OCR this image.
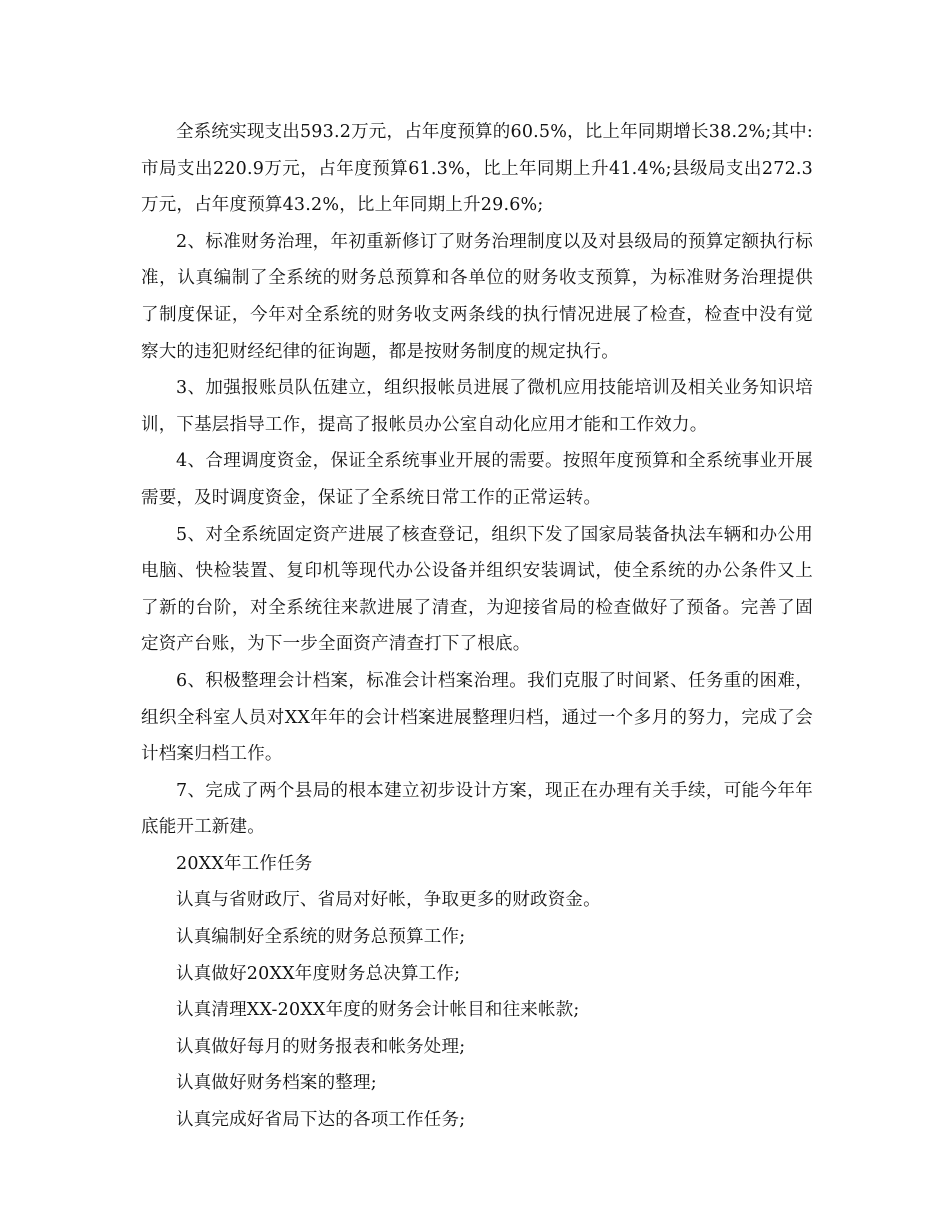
全系统实现支出593.2万元，占年度预算的60.5%，比上年同期增长38.2%;其中:市局支出220.9万元，占年度预算61.3%，比上年同期上升41.4%;县级局支出272.3万元，占年度预算43.2%，比上年同期上升29.6%;

2、标准财务治理，年初重新修订了财务治理制度以及对县级局的预算定额执行标准，认真编制了全系统的财务总预算和各单位的财务收支预算，为标准财务治理提供了制度保证，今年对全系统的财务收支两条线的执行情况进展了检查，检查中没有觉察大的违犯财经纪律的征询题，都是按财务制度的规定执行。

3、加强报账员队伍建立，组织报帐员进展了微机应用技能培训及相关业务知识培训，下基层指导工作，提高了报帐员办公室自动化应用才能和工作效力。

4、合理调度资金，保证全系统事业开展的需要。按照年度预算和全系统事业开展需要，及时调度资金，保证了全系统日常工作的正常运转。

5、对全系统固定资产进展了核查登记，组织下发了国家局装备执法车辆和办公用电脑、快检装置、复印机等现代办公设备并组织安装调试，使全系统的办公条件又上了新的台阶，对全系统往来款进展了清查，为迎接省局的检查做好了预备。完善了固定资产台账，为下一步全面资产清查打下了根底。

6、积极整理会计档案，标准会计档案治理。我们克服了时间紧、任务重的困难，组织全科室人员对XX年年的会计档案进展整理归档，通过一个多月的努力，完成了会计档案归档工作。

7、完成了两个县局的根本建立初步设计方案，现正在办理有关手续，可能今年年底能开工新建。

20XX年工作任务

认真与省财政厅、省局对好帐，争取更多的财政资金。

认真编制好全系统的财务总预算工作;

认真做好20XX年度财务总决算工作;

认真清理XX-20XX年度的财务会计帐目和往来帐款;

认真做好每月的财务报表和帐务处理;

认真做好财务档案的整理;

认真完成好省局下达的各项工作任务;
